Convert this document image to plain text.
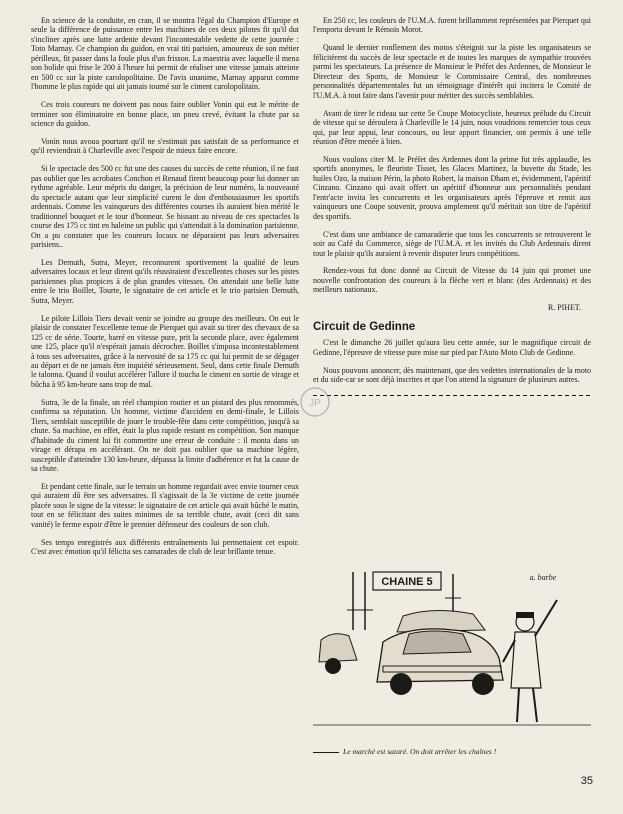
En science de la conduite, en cran, il se montra l'égal du Champion d'Europe et seule la différence de puissance entre les machines de ces deux pilotes fit qu'il dut s'incliner après une lutte ardente devant l'incontestable vedette de cette journée : Toto Marnay. Ce champion du guidon, en vrai titi parisien, amoureux de son métier périlleux, fit passer dans la foule plus d'un frisson. La maestria avec laquelle il mena son bolide qui frise le 200 à l'heure lui permit de réaliser une vitesse jamais atteinte en 500 cc sur la piste carolopolitaine. De l'avis unanime, Marnay apparut comme l'homme le plus rapide qui ait jamais tourné sur le ciment carolopolitain.

Ces trois coureurs ne doivent pas nous faire oublier Vonin qui eut le mérite de terminer son éliminatoire en bonne place, un pneu crevé, évitant la chute par sa science du guidon.

Vonin nous avoua pourtant qu'il ne s'estimait pas satisfait de sa performance et qu'il reviendrait à Charleville avec l'espoir de mieux faire encore.

Si le spectacle des 500 cc fut une des causes du succès de cette réunion, il ne faut pas oublier que les acrobates Conchon et Renaud firent beaucoup pour lui donner un rythme agréable. Leur mépris du danger, la précision de leur numéro, la nouveauté du spectacle autant que leur simplicité curent le don d'enthousiasmer les sportifs ardennais. Comme les vainqueurs des différentes courses ils auraient bien mérité le traditionnel bouquet et le tour d'honneur. Se hissant au niveau de ces spectacles la course des 175 cc tint en haleine un public qui s'attendait à la domination parisienne. On a pu constater que les coureurs locaux ne déparaient pas leurs adversaires parisiens..

Les Demuth, Sutra, Meyer, reconnurent sportivement la qualité de leurs adversaires locaux et leur dirent qu'ils réussiraient d'excellentes choses sur les pistes parisiennes plus propices à de plus grandes vitesses. On attendait une belle lutte entre le trio Boillet, Tourte, le signataire de cet article et le trio parisien Demuth, Sutra, Meyer.

Le pilote Lillois Tiers devait venir se joindre au groupe des meilleurs. On eut le plaisir de constater l'excellente tenue de Pierquet qui avait su tirer des chevaux de sa 125 cc de série. Tourte, barré en vitesse pure, prit la seconde place, avec également une 125, place qu'il n'espérait jamais décrocher. Boillet s'imposa incontestablement à tous ses adversaires, grâce à la nervosité de sa 175 cc qui lui permit de se dégager au départ et de ne jamais être inquiété sérieusement. Seul, dans cette finale Demuth le talonna. Quand il voulut accélérer l'allure il toucha le ciment en sortie de virage et bûcha à 95 km-heure sans trop de mal.

Sutra, 3e de la finale, un réel champion routier et un pistard des plus renommés, confirma sa réputation. Un homme, victime d'accident en demi-finale, le Lillois Tiers, semblait susceptible de jouer le trouble-fête dans cette compétition, jusqu'à sa chute. Sa machine, en effet, était la plus rapide restant en compétition. Son manque d'habitude du ciment lui fit commettre une erreur de conduite : il monta dans un virage et dérapa en accélérant. On ne doit pas oublier que sa machine légère, susceptible d'atteindre 130 km-heure, dépassa la limite d'adhérence et fut la cause de sa chute.

Et pendant cette finale, sur le terrain un homme regardait avec envie tourner ceux qui auraient dû être ses adversaires. Il s'agissait de la 3e victime de cette journée placée sous le signe de la vitesse: le signataire de cet article qui avait bûché le matin, tout en se félicitant des suites minimes de sa terrible chute, avait (ceci dit sans vanité) le ferme espoir d'être le premier défenseur des couleurs de son club.

Ses temps enregistrés aux différents entraînements lui permettaient cet espoir. C'est avec émotion qu'il félicita ses camarades de club de leur brillante tenue.

En 250 cc, les couleurs de l'U.M.A. furent brillamment représentées par Pierquet qui l'emporta devant le Rémois Morot.

Quand le dernier ronflement des motos s'éteignit sur la piste les organisateurs se félicitèrent du succès de leur spectacle et de toutes les marques de sympathie trouvées parmi les spectateurs. La présence de Monsieur le Préfet des Ardennes, de Monsieur le Directeur des Sports, de Monsieur le Commissaire Central, des nombreuses personnalités départementales fut un témoignage d'intérêt qui incitera le Comité de l'U.M.A. à tout faire dans l'avenir pour mériter des succès semblables.

Avant de tirer le rideau sur cette 5e Coupe Motocycliste, heureux prélude du Circuit de vitesse qui se déroulera à Charleville le 14 juin, nous voudrions remercier tous ceux qui, par leur appui, leur concours, ou leur apport financier, ont permis à une telle réunion d'être menée à bien.

Nous voulons citer M. le Préfet des Ardennes dont la prime fut très applaudie, les sportifs anonymes, le fleuriste Tisset, les Glaces Martinez, la buvette du Stade, les huiles Ozo, la maison Périn, la photo Robert, la maison Dham et, évidemment, l'apéritif Cinzano. Cinzano qui avait offert un apéritif d'honneur aux personnalités pendant l'entr'acte invita les concurrents et les organisateurs après l'épreuve et remit aux vainqueurs une Coupe souvenir, prouva amplement qu'il méritait son titre de l'apéritif des sportifs.

C'est dans une ambiance de camaraderie que tous les concurrents se retrouverent le soir au Café du Commerce, siège de l'U.M.A. et les invités du Club Ardennais dirent tout le plaisir qu'ils auraient à revenir disputer leurs compétitions.

Rendez-vous fut donc donné au Circuit de Vitesse du 14 juin qui promet une nouvelle confrontation des coureurs à la flèche vert et blanc (des Ardennais) et des meilleurs nationaux.

R. PIHET.
Circuit de Gedinne

C'est le dimanche 26 juillet qu'aura lieu cette année, sur le magnifique circuit de Gedinne, l'épreuve de vitesse pure mise sur pied par l'Auto Moto Club de Gedinne.

Nous pouvons annoncer, dès maintenant, que des vedettes internationales de la moto et du side-car se sont déjà inscrites et que l'on attend la signature de plusieurs autres.

JP
CHAINE 5	a. barbe
Le marché est saturé. On doit arrêter les chaînes !
35
